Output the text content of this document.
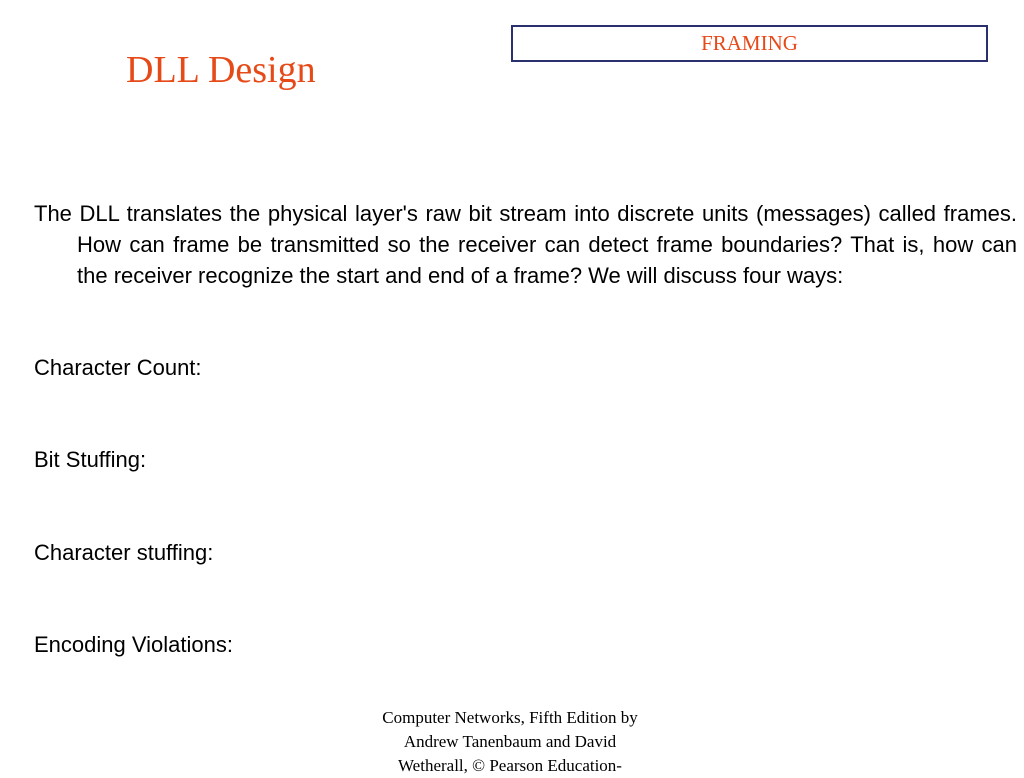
FRAMING
DLL Design

The DLL translates the physical layer's raw bit stream into discrete units (messages) called frames. How can frame be transmitted so the receiver can detect frame boundaries? That is, how can the receiver recognize the start and end of a frame? We will discuss four ways:

Character Count:

Bit Stuffing:

Character stuffing:

Encoding Violations:

Computer Networks, Fifth Edition by
Andrew Tanenbaum and David
Wetherall, © Pearson Education-
